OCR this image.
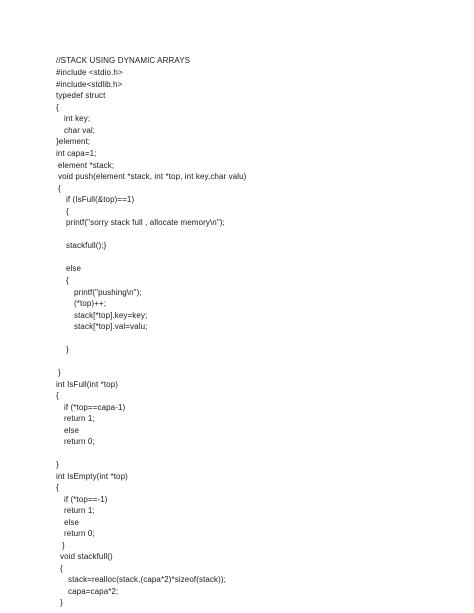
//STACK USING DYNAMIC ARRAYS
#include <stdio.h>
#include<stdlib.h>
typedef struct
{
int key;
char val;
}element;
int capa=1;
element *stack;
void push(element *stack, int *top, int key,char valu)
{
if (IsFull(&top)==1)
{
printf("sorry stack full , allocate memory\n");
stackfull();}
else
{
printf("pushing\n");
(*top)++;
stack[*top].key=key;
stack[*top].val=valu;
}
}
int IsFull(int *top)
{
if (*top==capa-1)
return 1;
else
return 0;
}
int IsEmpty(int *top)
{
if (*top==-1)
return 1;
else
return 0;
}
void stackfull()
{
stack=realloc(stack,(capa*2)*sizeof(stack));
capa=capa*2;
}
